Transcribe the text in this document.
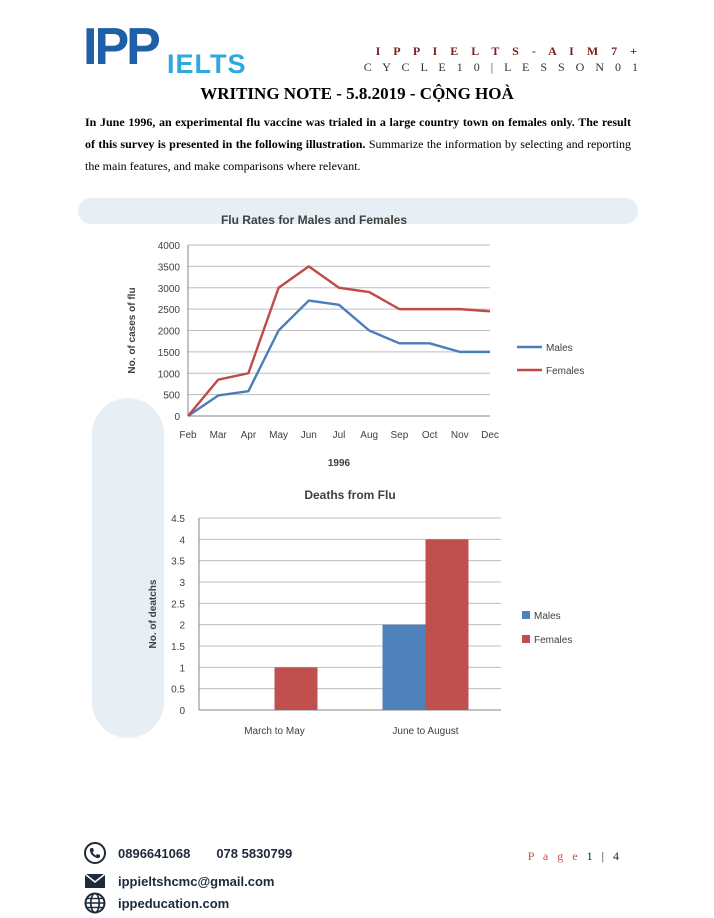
IPP IELTS	I P P I E L T S - A I M 7 +
C Y C L E 1 0 | L E S S O N 0 1
WRITING NOTE - 5.8.2019 - CỘNG HOÀ
In June 1996, an experimental flu vaccine was trialed in a large country town on females only. The result of this survey is presented in the following illustration. Summarize the information by selecting and reporting the main features, and make comparisons where relevant.
Flu Rates for Males and Females
0
500
1000
1500
2000
2500
3000
3500
4000
Feb Mar Apr May Jun Jul Aug Sep Oct Nov Dec
1996
No. of cases of flu	Males
Females
Deaths from Flu
0
0.5
1
1.5
2
2.5
3
3.5
4
4.5
March to May	June to August
No. of deatchs	Males
Females
0896641068 078 5830799
ippieltshcmc@gmail.com
ippeducation.com
P a g e 1 | 4
